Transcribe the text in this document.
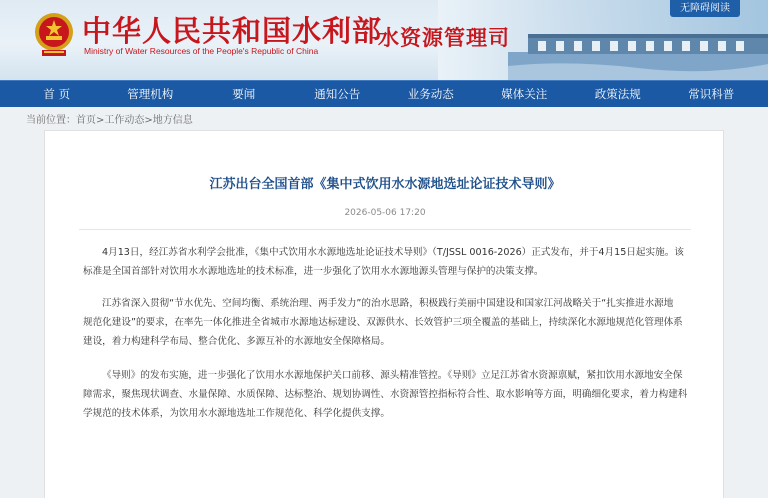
中华人民共和国水利部
Ministry of Water Resources of the People's Republic of China
水资源管理司
无障碍阅读
首 页	管理机构	要闻	通知公告	业务动态	媒体关注	政策法规	常识科普
当前位置：首页>工作动态>地方信息
江苏出台全国首部《集中式饮用水水源地选址论证技术导则》
2026-05-06 17:20
4月13日，经江苏省水利学会批准，《集中式饮用水水源地选址论证技术导则》（T/JSSL 0016-2026）正式发布，并于4月15日起实施。该
标准是全国首部针对饮用水水源地选址的技术标准，进一步强化了饮用水水源地源头管理与保护的决策支撑。
江苏省深入贯彻“节水优先、空间均衡、系统治理、两手发力”的治水思路，积极践行美丽中国建设和国家江河战略关于“扎实推进水源地
规范化建设”的要求，在率先一体化推进全省城市水源地达标建设、双源供水、长效管护三项全覆盖的基础上，持续深化水源地规范化管理体系
建设，着力构建科学布局、整合优化、多源互补的水源地安全保障格局。
《导则》的发布实施，进一步强化了饮用水水源地保护关口前移、源头精准管控。《导则》立足江苏省水资源禀赋，紧扣饮用水源地安全保
障需求，聚焦现状调查、水量保障、水质保障、达标整治、规划协调性、水资源管控指标符合性、取水影响等方面，明确细化要求，着力构建科
学规范的技术体系，为饮用水水源地选址工作规范化、科学化提供支撑。
